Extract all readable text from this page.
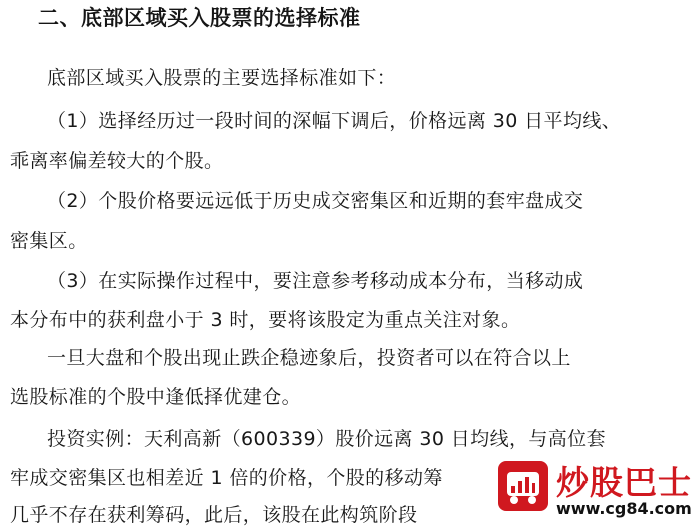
二、底部区域买入股票的选择标准
底部区域买入股票的主要选择标准如下：
（1）选择经历过一段时间的深幅下调后，价格远离 30 日平均线、
乖离率偏差较大的个股。
（2）个股价格要远远低于历史成交密集区和近期的套牢盘成交
密集区。
（3）在实际操作过程中，要注意参考移动成本分布，当移动成
本分布中的获利盘小于 3 时，要将该股定为重点关注对象。
一旦大盘和个股出现止跌企稳迹象后，投资者可以在符合以上
选股标准的个股中逢低择优建仓。
投资实例：天利高新（600339）股价远离 30 日均线，与高位套
牢成交密集区也相差近 1 倍的价格，个股的移动筹
几乎不存在获利筹码，此后，该股在此构筑阶段
炒股巴士
www.cg84.com
